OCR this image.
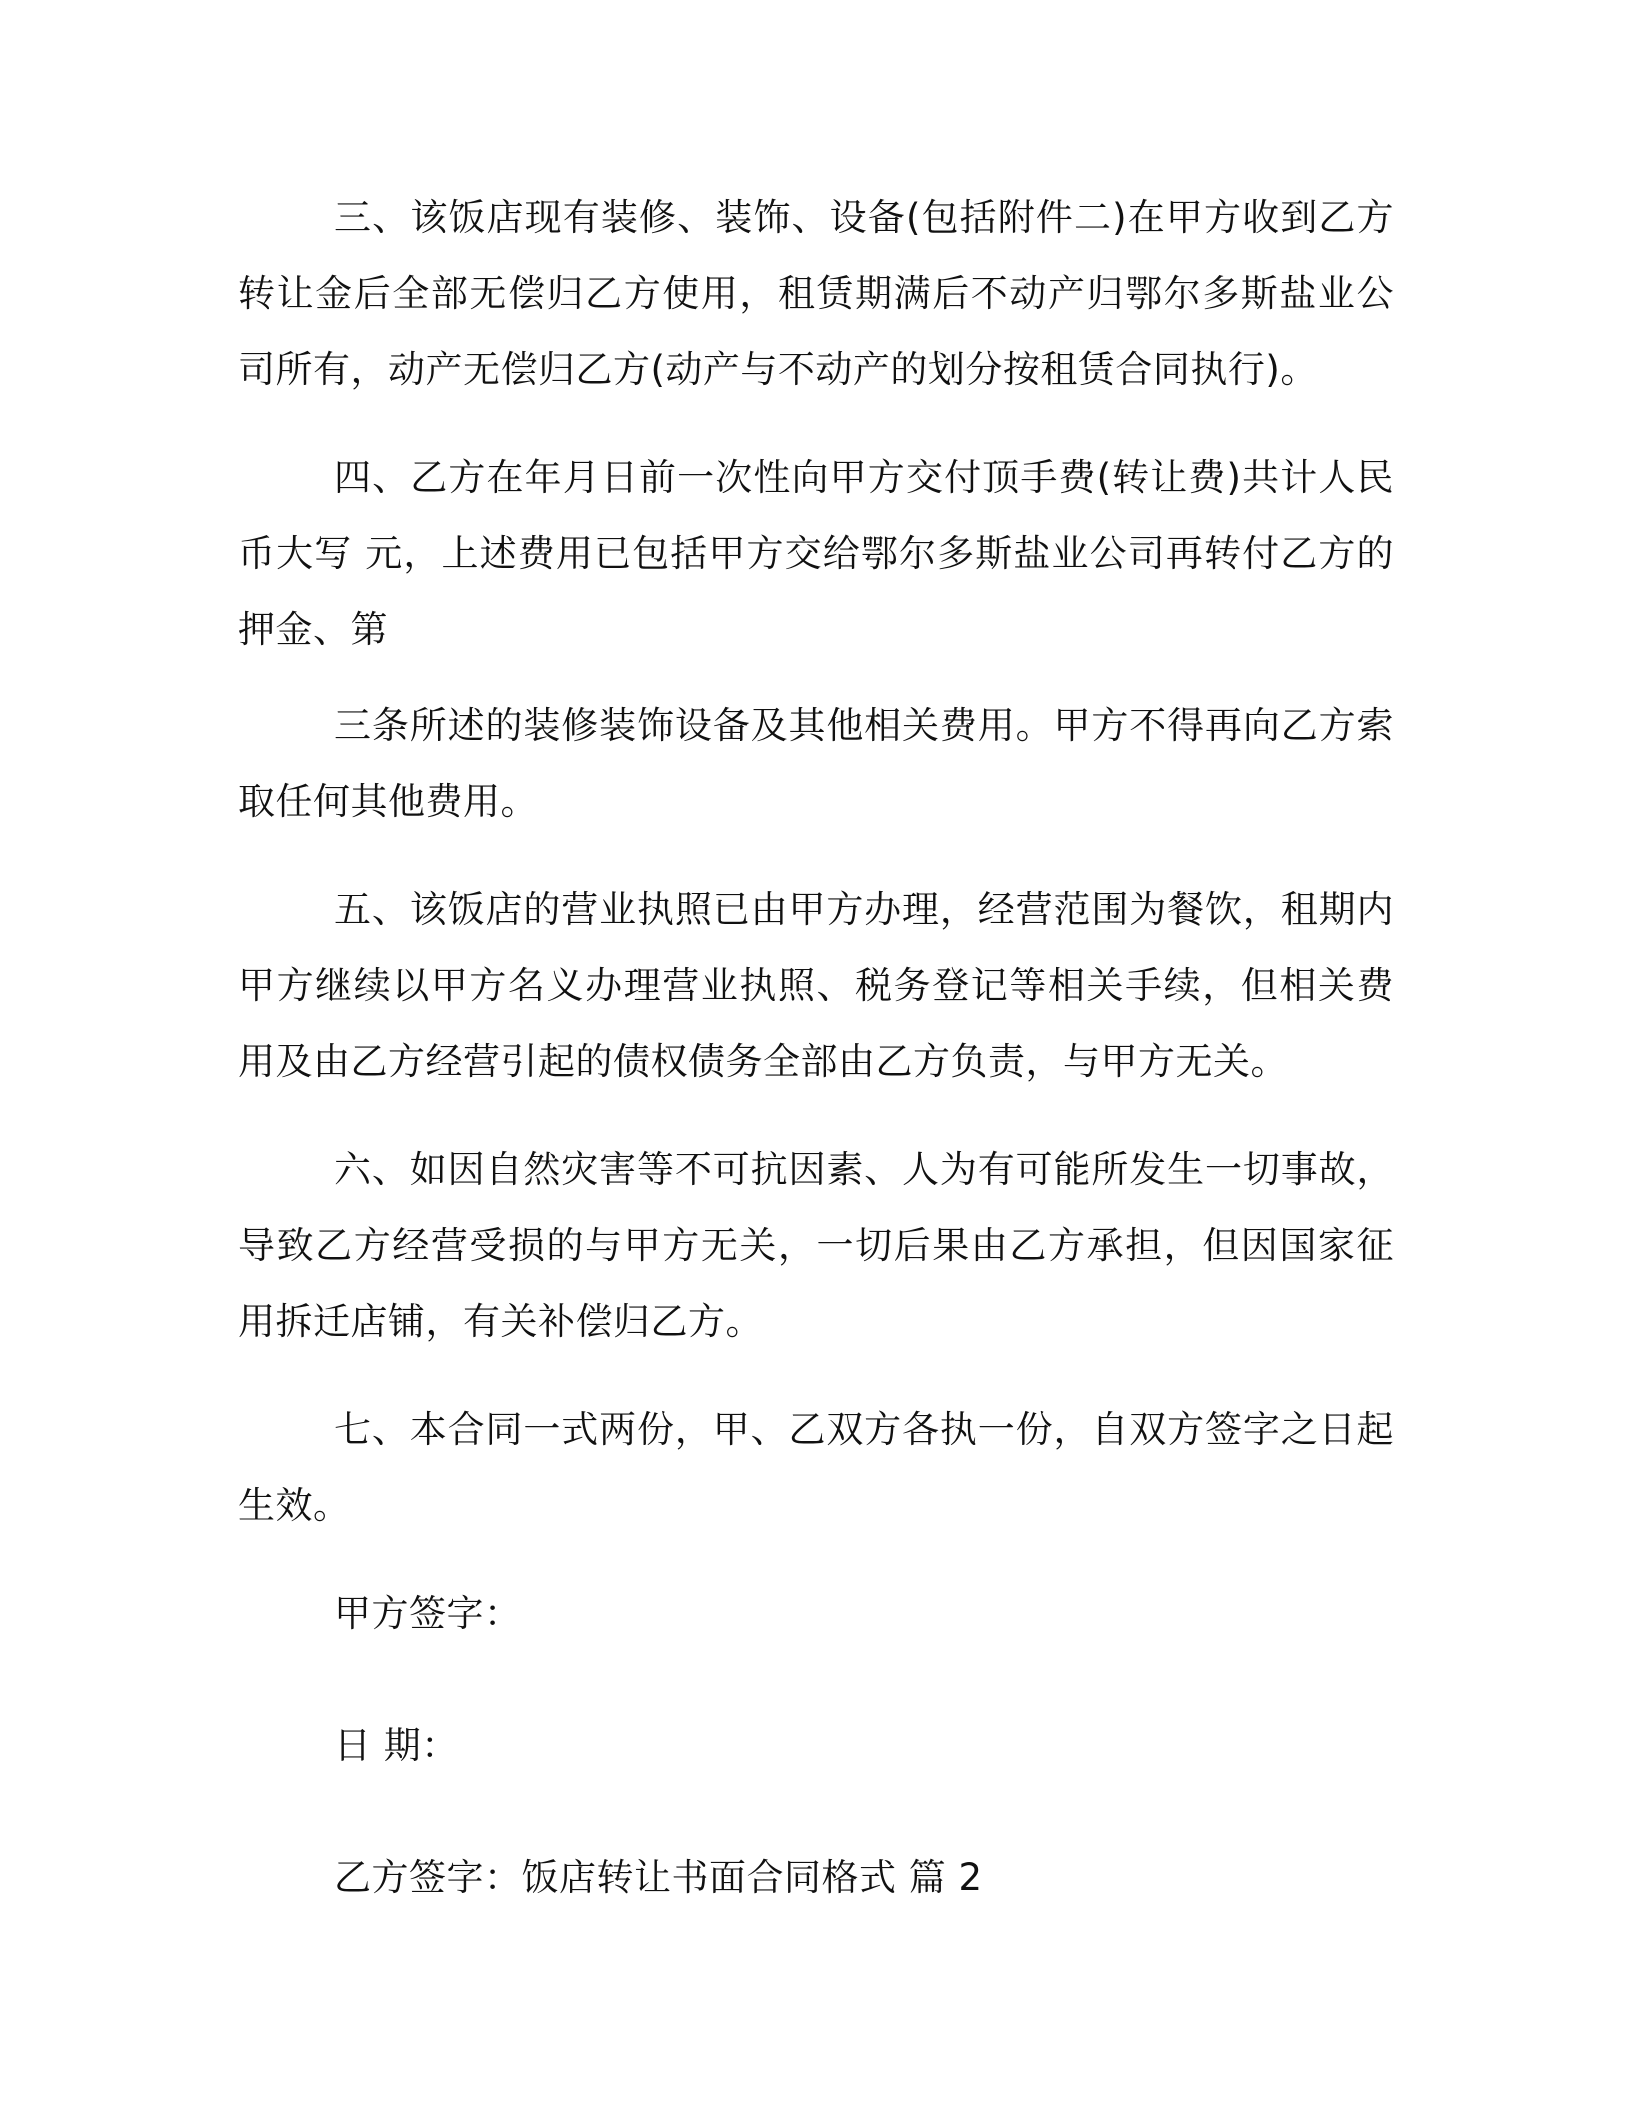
三、该饭店现有装修、装饰、设备(包括附件二)在甲方收到乙方转让金后全部无偿归乙方使用，租赁期满后不动产归鄂尔多斯盐业公司所有，动产无偿归乙方(动产与不动产的划分按租赁合同执行)。

四、乙方在年月日前一次性向甲方交付顶手费(转让费)共计人民币大写 元，上述费用已包括甲方交给鄂尔多斯盐业公司再转付乙方的押金、第

三条所述的装修装饰设备及其他相关费用。甲方不得再向乙方索取任何其他费用。

五、该饭店的营业执照已由甲方办理，经营范围为餐饮，租期内甲方继续以甲方名义办理营业执照、税务登记等相关手续，但相关费用及由乙方经营引起的债权债务全部由乙方负责，与甲方无关。

六、如因自然灾害等不可抗因素、人为有可能所发生一切事故，导致乙方经营受损的与甲方无关，一切后果由乙方承担，但因国家征用拆迁店铺，有关补偿归乙方。

七、本合同一式两份，甲、乙双方各执一份，自双方签字之日起生效。

甲方签字：

日 期：

乙方签字：饭店转让书面合同格式 篇 2
